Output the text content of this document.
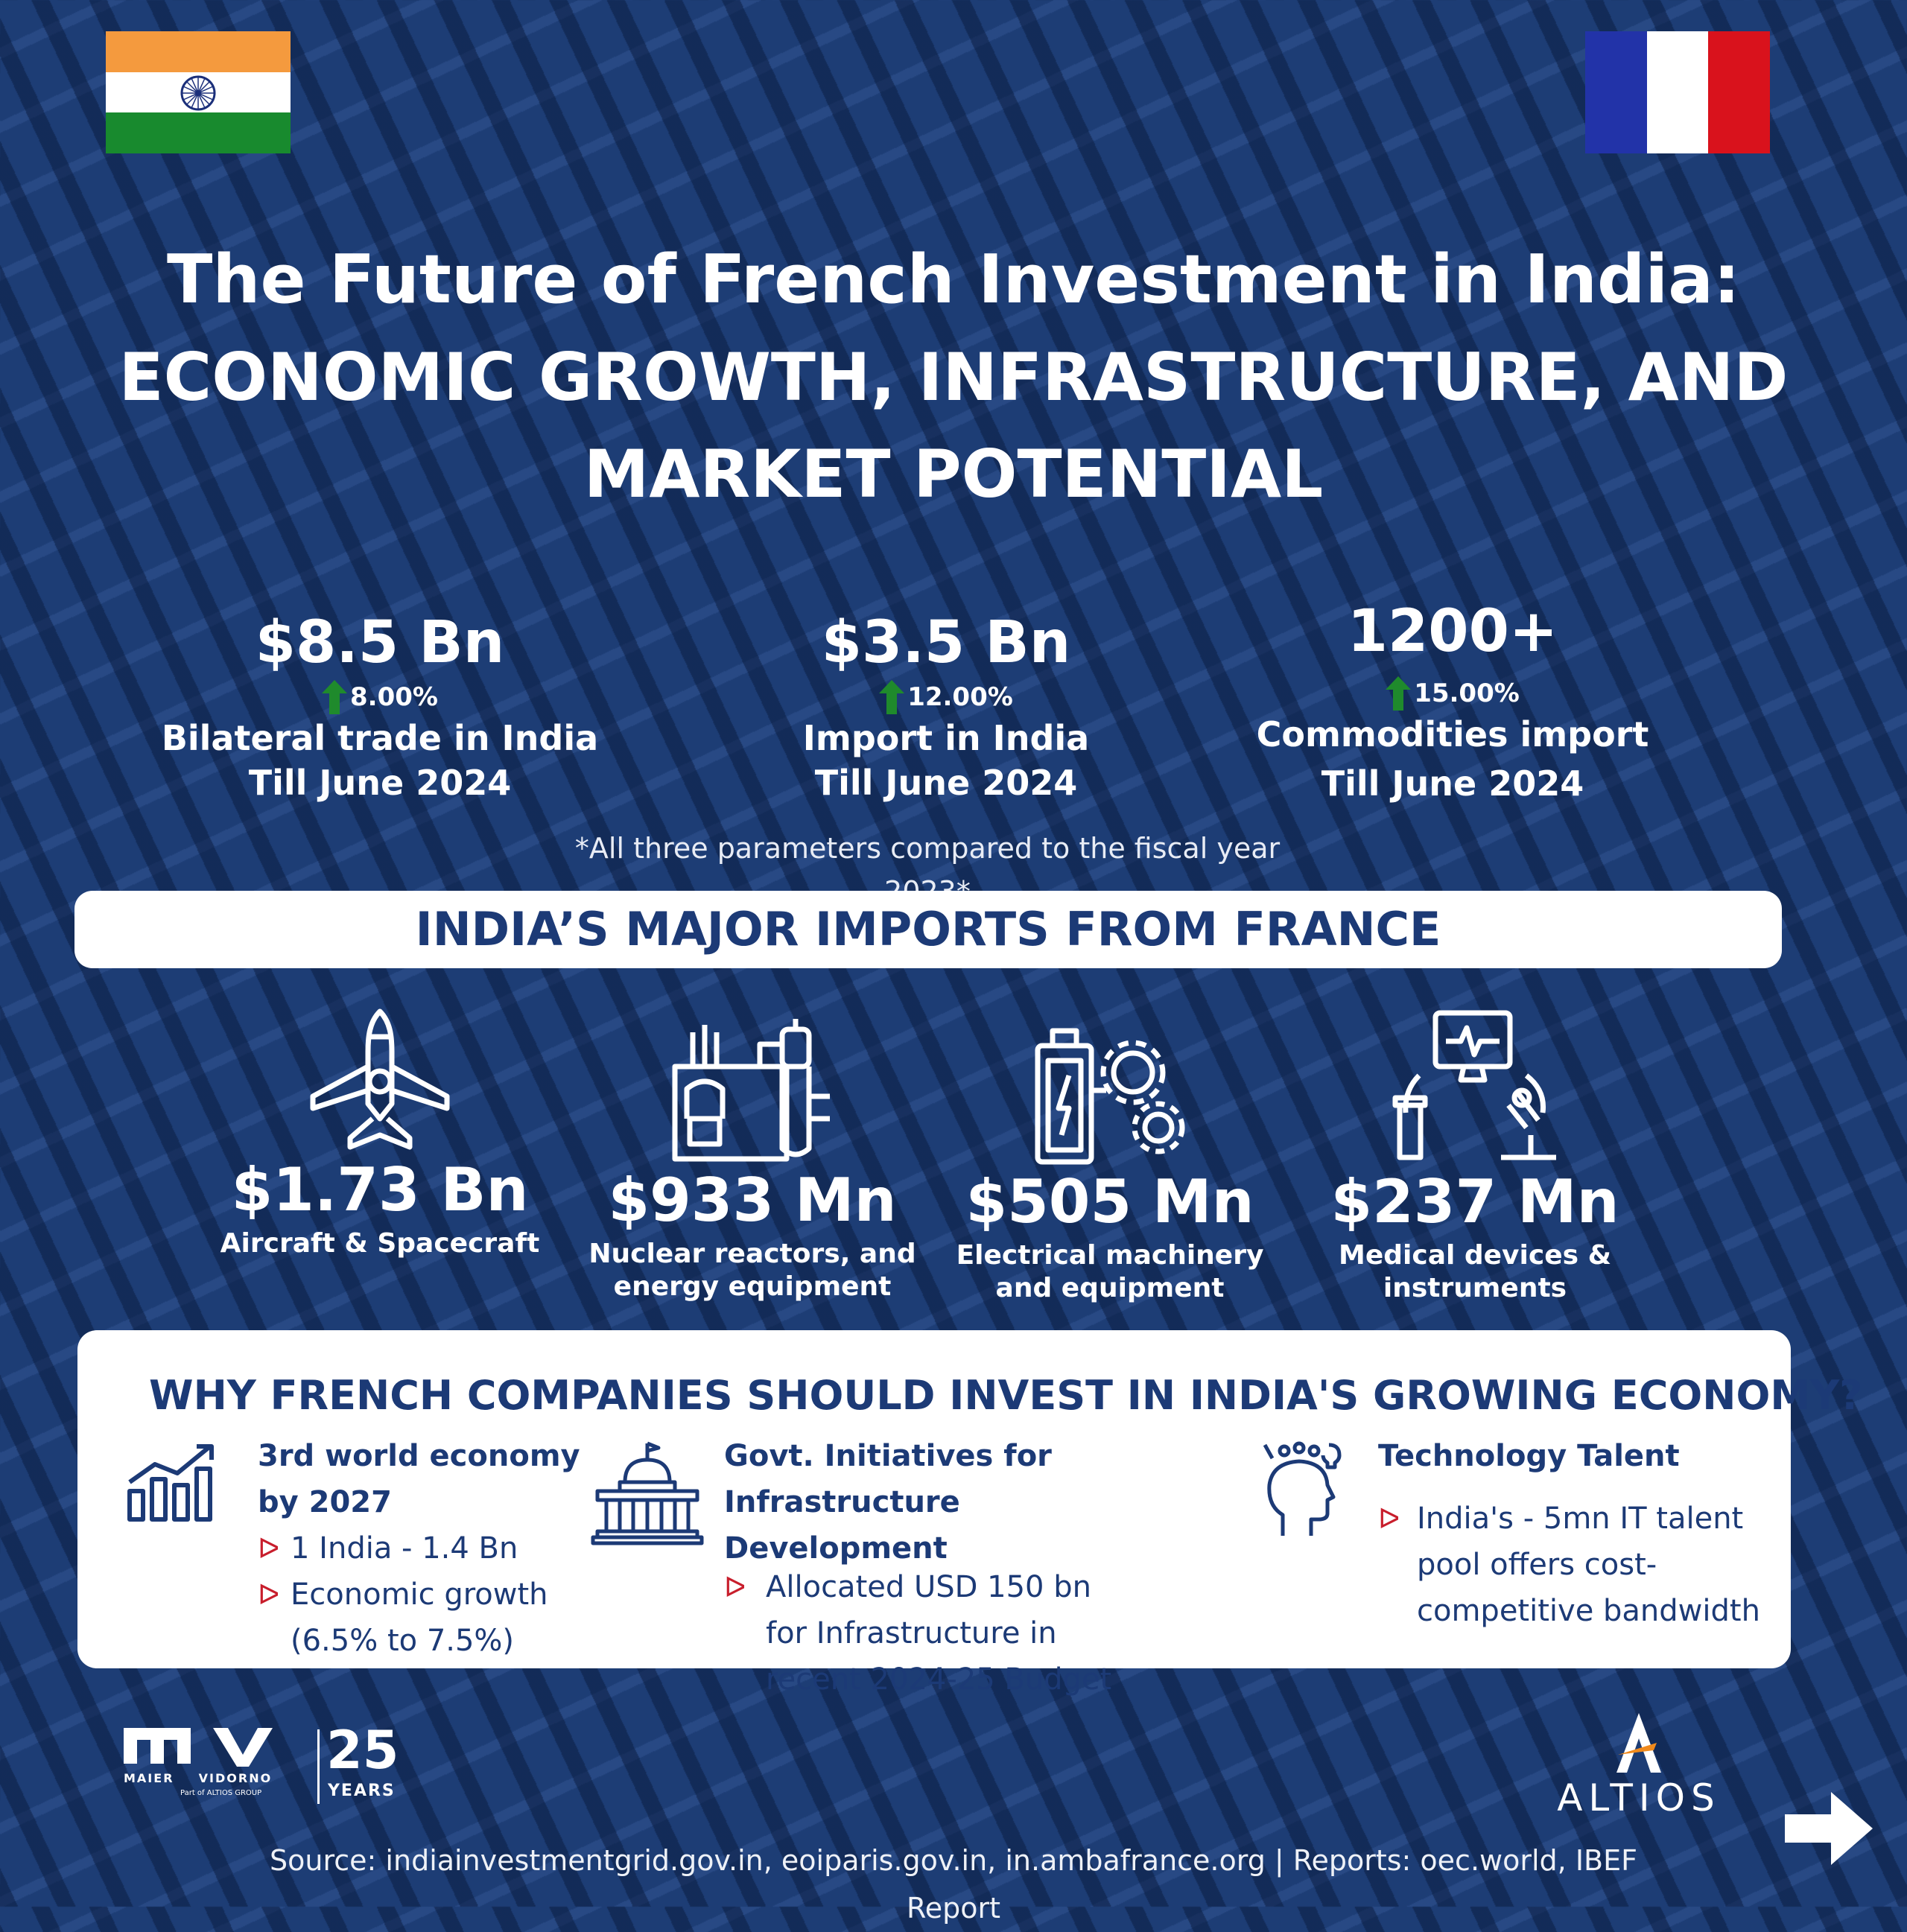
The Future of French Investment in India:
ECONOMIC GROWTH, INFRASTRUCTURE, AND
MARKET POTENTIAL
$8.5 Bn
8.00%
Bilateral trade in India
Till June 2024
$3.5 Bn
12.00%
Import in India
Till June 2024
1200+
15.00%
Commodities import
Till June 2024
*All three parameters compared to the fiscal year
INDIA’S MAJOR IMPORTS FROM FRANCE
$1.73 Bn
Aircraft & Spacecraft
$933 Mn
Nuclear reactors, and
energy equipment
$505 Mn
Electrical machinery
and equipment
$237 Mn
Medical devices &
instruments
WHY FRENCH COMPANIES SHOULD INVEST IN INDIA'S GROWING ECONOMY?
3rd world economy
by 2027
ᐅ 1 India - 1.4 Bn
ᐅ Economic growth
(6.5% to 7.5%)
Govt. Initiatives for Infrastructure
Development
ᐅ Allocated USD 150 bn
for Infrastructure in
recent 2024-25 Budget
Technology Talent
ᐅ India's - 5mn IT talent
pool offers cost-
competitive bandwidth
MAIER VIDORNO
Part of ALTIOS GROUP
25
YEARS	ALTIOS
Source: indiainvestmentgrid.gov.in, eoiparis.gov.in, in.ambafrance.org | Reports: oec.world, IBEF Report
